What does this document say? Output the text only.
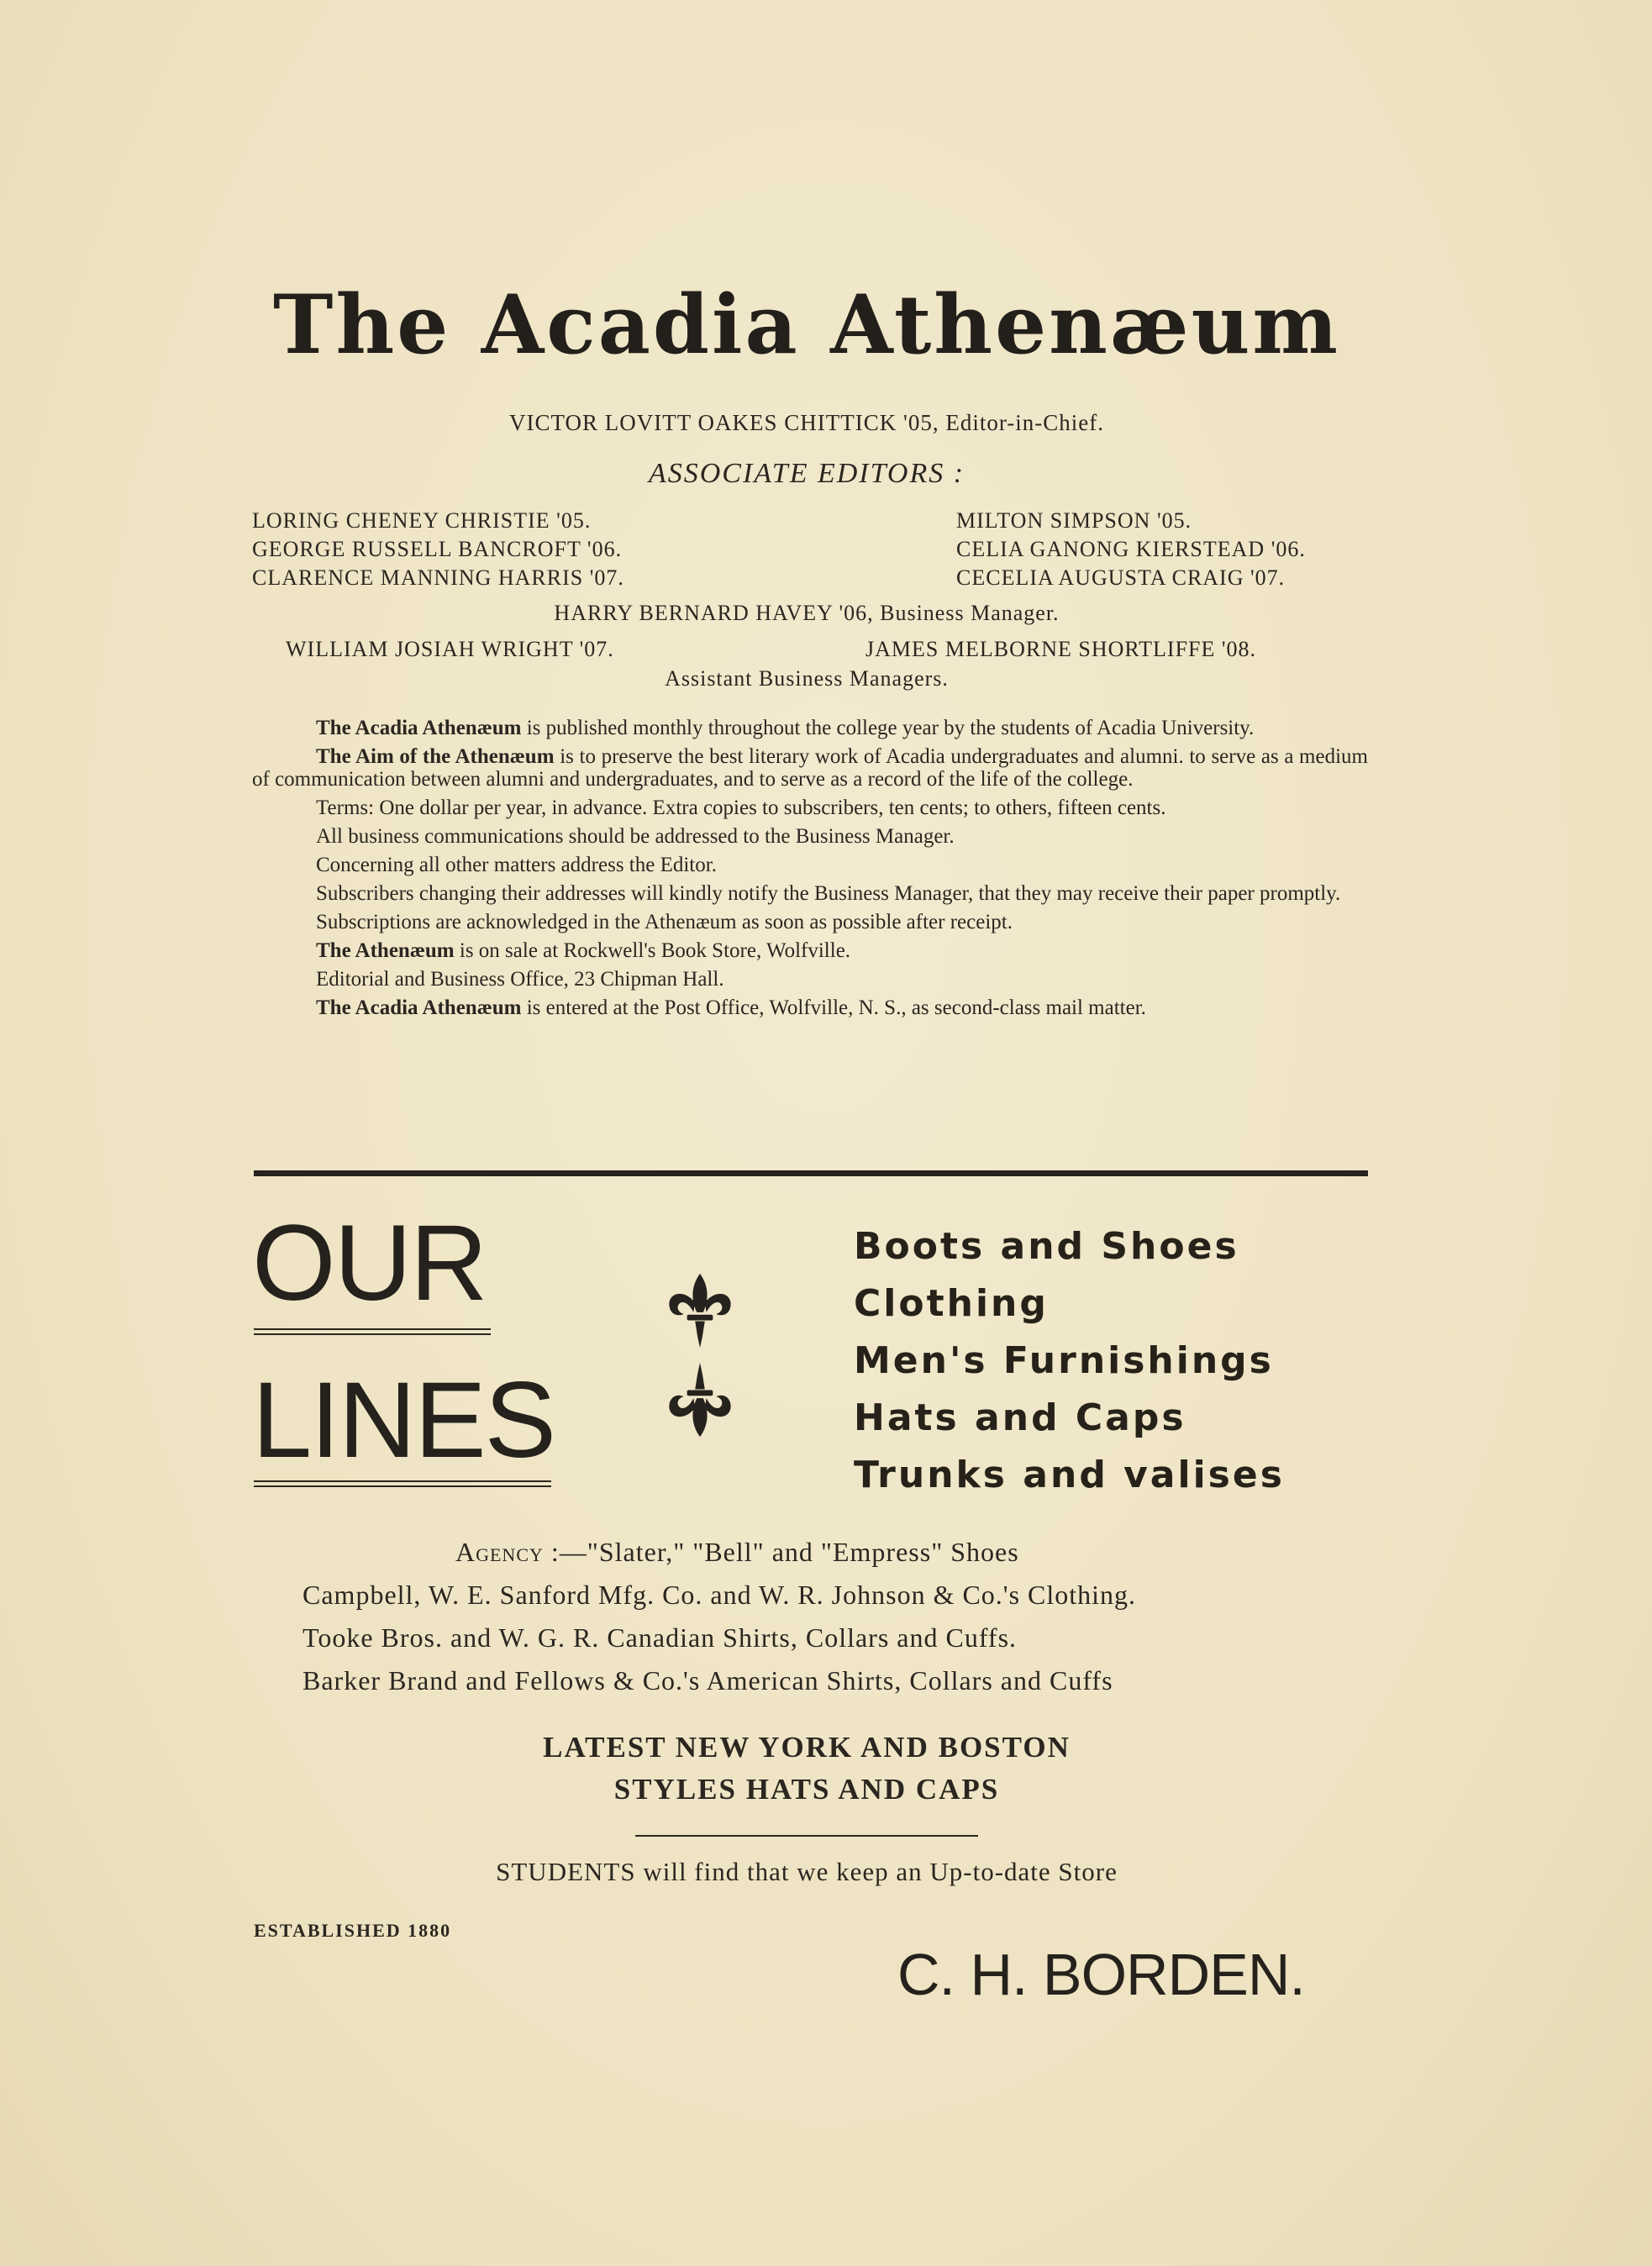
The Acadia Athenæum
VICTOR LOVITT OAKES CHITTICK '05, Editor-in-Chief.
ASSOCIATE EDITORS :
LORING CHENEY CHRISTIE '05.
GEORGE RUSSELL BANCROFT '06.
CLARENCE MANNING HARRIS '07.
MILTON SIMPSON '05.
CELIA GANONG KIERSTEAD '06.
CECELIA AUGUSTA CRAIG '07.
HARRY BERNARD HAVEY '06, Business Manager.
WILLIAM JOSIAH WRIGHT '07.	JAMES MELBORNE SHORTLIFFE '08.
Assistant Business Managers.

The Acadia Athenæum is published monthly throughout the college year by the students of Acadia University.

The Aim of the Athenæum is to preserve the best literary work of Acadia undergraduates and alumni. to serve as a medium of communication between alumni and undergraduates, and to serve as a record of the life of the college.

Terms: One dollar per year, in advance. Extra copies to subscribers, ten cents; to others, fifteen cents.

All business communications should be addressed to the Business Manager.

Concerning all other matters address the Editor.

Subscribers changing their addresses will kindly notify the Business Manager, that they may receive their paper promptly.

Subscriptions are acknowledged in the Athenæum as soon as possible after receipt.

The Athenæum is on sale at Rockwell's Book Store, Wolfville.

Editorial and Business Office, 23 Chipman Hall.

The Acadia Athenæum is entered at the Post Office, Wolfville, N. S., as second-class mail matter.

OUR
LINES
Boots and Shoes
Clothing
Men's Furnishings
Hats and Caps
Trunks and valises
Agency :—"Slater," "Bell" and "Empress" Shoes
Campbell, W. E. Sanford Mfg. Co. and W. R. Johnson & Co.'s Clothing.
Tooke Bros. and W. G. R. Canadian Shirts, Collars and Cuffs.
Barker Brand and Fellows & Co.'s American Shirts, Collars and Cuffs
LATEST NEW YORK AND BOSTON
STYLES HATS AND CAPS
STUDENTS will find that we keep an Up-to-date Store
ESTABLISHED 1880
C. H. BORDEN.
